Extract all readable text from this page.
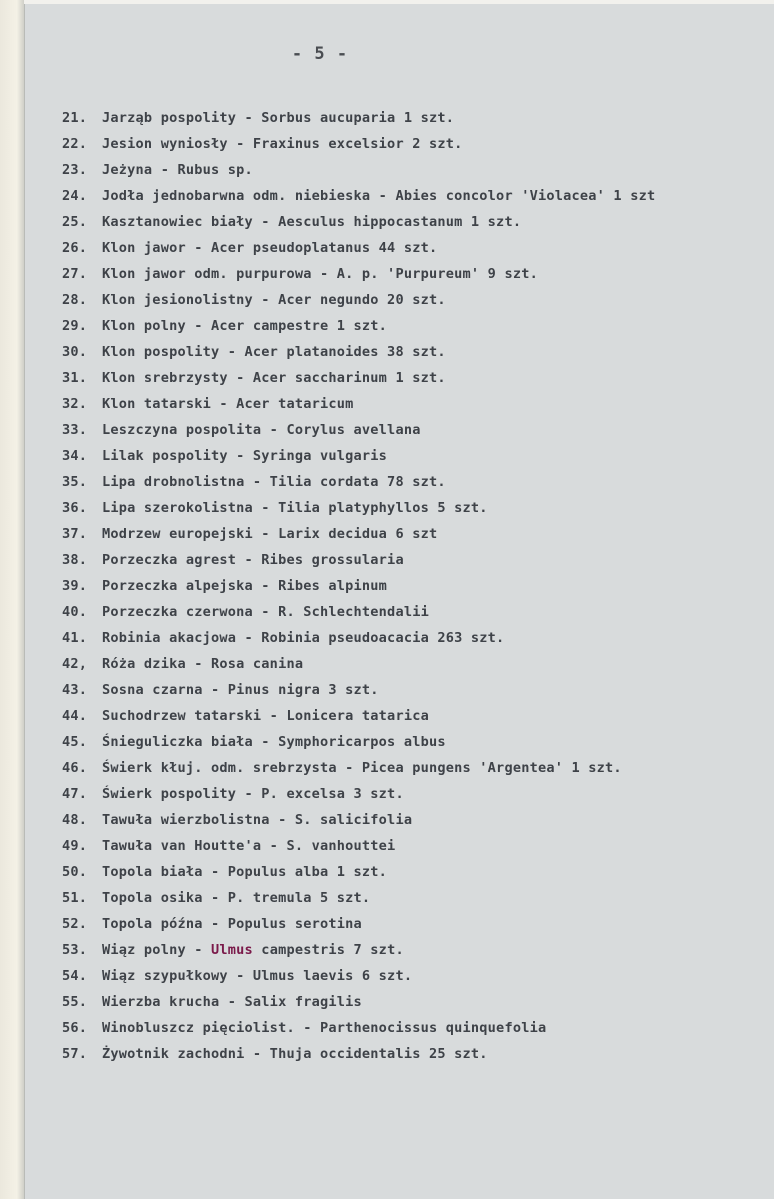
- 5 -
21. Jarząb pospolity - Sorbus aucuparia 1 szt.
22. Jesion wyniosły - Fraxinus excelsior 2 szt.
23. Jeżyna - Rubus sp.
24. Jodła jednobarwna odm. niebieska - Abies concolor 'Violacea' 1 szt
25. Kasztanowiec biały - Aesculus hippocastanum 1 szt.
26. Klon jawor - Acer pseudoplatanus 44 szt.
27. Klon jawor odm. purpurowa - A. p. 'Purpureum' 9 szt.
28. Klon jesionolistny - Acer negundo 20 szt.
29. Klon polny - Acer campestre 1 szt.
30. Klon pospolity - Acer platanoides 38 szt.
31. Klon srebrzysty - Acer saccharinum 1 szt.
32. Klon tatarski - Acer tataricum
33. Leszczyna pospolita - Corylus avellana
34. Lilak pospolity - Syringa vulgaris
35. Lipa drobnolistna - Tilia cordata 78 szt.
36. Lipa szerokolistna - Tilia platyphyllos 5 szt.
37. Modrzew europejski - Larix decidua 6 szt
38. Porzeczka agrest - Ribes grossularia
39. Porzeczka alpejska - Ribes alpinum
40. Porzeczka czerwona - R. Schlechtendalii
41. Robinia akacjowa - Robinia pseudoacacia 263 szt.
42, Róża dzika - Rosa canina
43. Sosna czarna - Pinus nigra 3 szt.
44. Suchodrzew tatarski - Lonicera tatarica
45. Śnieguliczka biała - Symphoricarpos albus
46. Świerk kłuj. odm. srebrzysta - Picea pungens 'Argentea' 1 szt.
47. Świerk pospolity - P. excelsa 3 szt.
48. Tawuła wierzbolistna - S. salicifolia
49. Tawuła van Houtte'a - S. vanhouttei
50. Topola biała - Populus alba 1 szt.
51. Topola osika - P. tremula 5 szt.
52. Topola późna - Populus serotina
53. Wiąz polny - Ulmus campestris 7 szt.
54. Wiąz szypułkowy - Ulmus laevis 6 szt.
55. Wierzba krucha - Salix fragilis
56. Winobluszcz pięciolist. - Parthenocissus quinquefolia
57. Żywotnik zachodni - Thuja occidentalis 25 szt.
